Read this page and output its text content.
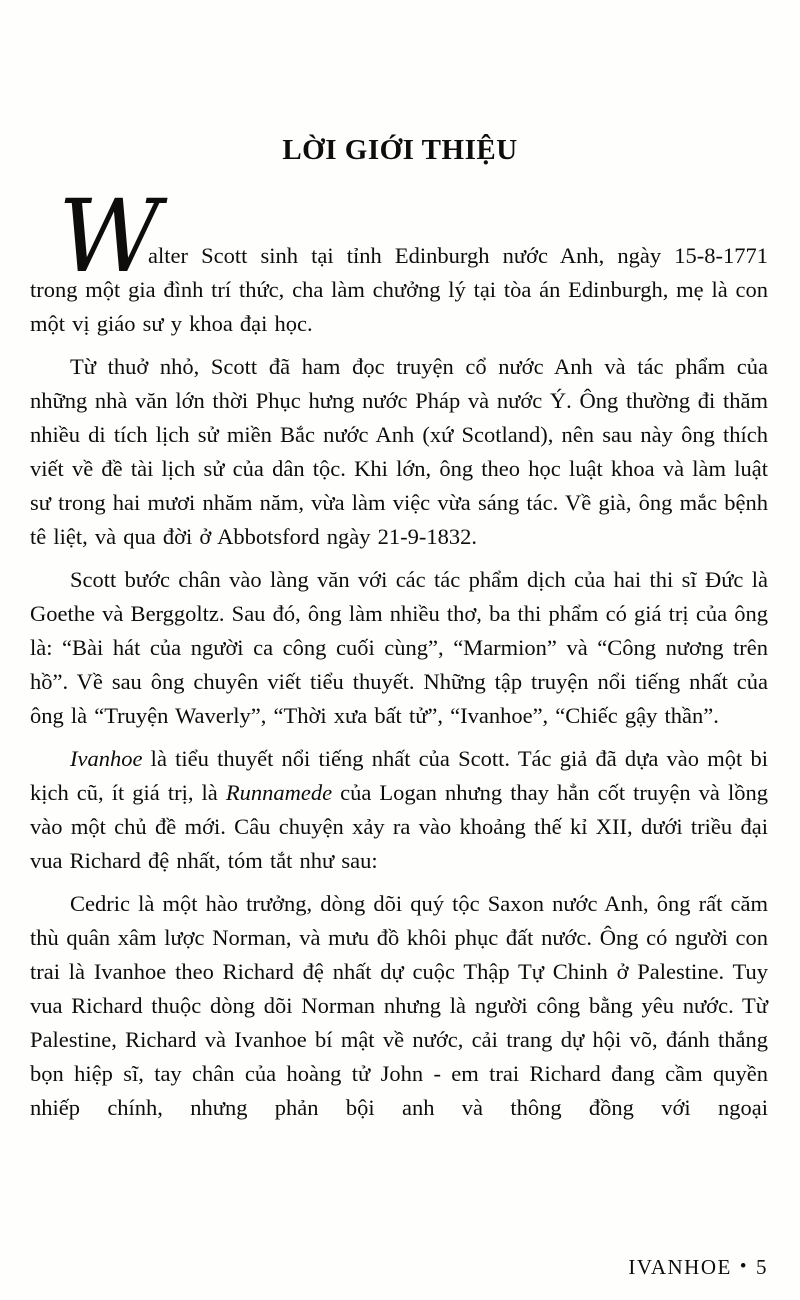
LỜI GIỚI THIỆU

W
alter Scott sinh tại tỉnh Edinburgh nước Anh, ngày 15-8-1771 trong một gia đình trí thức, cha làm chưởng lý tại tòa án Edinburgh, mẹ là con một vị giáo sư y khoa đại học.

Từ thuở nhỏ, Scott đã ham đọc truyện cổ nước Anh và tác phẩm của những nhà văn lớn thời Phục hưng nước Pháp và nước Ý. Ông thường đi thăm nhiều di tích lịch sử miền Bắc nước Anh (xứ Scotland), nên sau này ông thích viết về đề tài lịch sử của dân tộc. Khi lớn, ông theo học luật khoa và làm luật sư trong hai mươi nhăm năm, vừa làm việc vừa sáng tác. Về già, ông mắc bệnh tê liệt, và qua đời ở Abbotsford ngày 21-9-1832.

Scott bước chân vào làng văn với các tác phẩm dịch của hai thi sĩ Đức là Goethe và Berggoltz. Sau đó, ông làm nhiều thơ, ba thi phẩm có giá trị của ông là: “Bài hát của người ca công cuối cùng”, “Marmion” và “Công nương trên hồ”. Về sau ông chuyên viết tiểu thuyết. Những tập truyện nổi tiếng nhất của ông là “Truyện Waverly”, “Thời xưa bất tử”, “Ivanhoe”, “Chiếc gậy thần”.

Ivanhoe là tiểu thuyết nổi tiếng nhất của Scott. Tác giả đã dựa vào một bi kịch cũ, ít giá trị, là Runnamede của Logan nhưng thay hẳn cốt truyện và lồng vào một chủ đề mới. Câu chuyện xảy ra vào khoảng thế kỉ XII, dưới triều đại vua Richard đệ nhất, tóm tắt như sau:

Cedric là một hào trưởng, dòng dõi quý tộc Saxon nước Anh, ông rất căm thù quân xâm lược Norman, và mưu đồ khôi phục đất nước. Ông có người con trai là Ivanhoe theo Richard đệ nhất dự cuộc Thập Tự Chinh ở Palestine. Tuy vua Richard thuộc dòng dõi Norman nhưng là người công bằng yêu nước. Từ Palestine, Richard và Ivanhoe bí mật về nước, cải trang dự hội võ, đánh thắng bọn hiệp sĩ, tay chân của hoàng tử John - em trai Richard đang cầm quyền nhiếp chính, nhưng phản bội anh và thông đồng với ngoại

IVANHOE • 5
